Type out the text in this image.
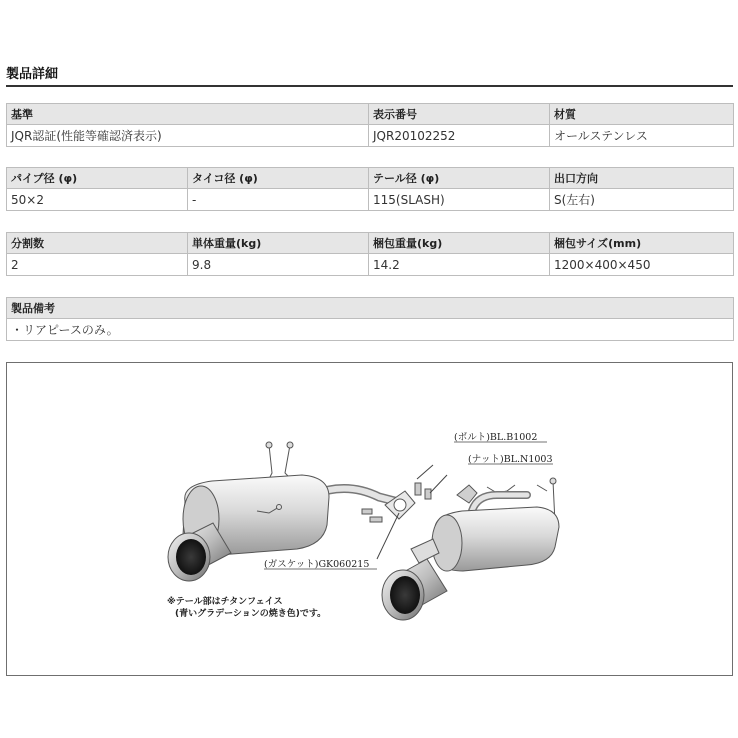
製品詳細
基準	表示番号	材質
JQR認証(性能等確認済表示)	JQR20102252	オールステンレス
パイプ径 (φ)	タイコ径 (φ)	テール径 (φ)	出口方向
50×2	-	115(SLASH)	S(左右)
分割数	単体重量(kg)	梱包重量(kg)	梱包サイズ(mm)
2	9.8	14.2	1200×400×450
製品備考
・リアピースのみ。
(ボルト)BL.B1002
(ナット)BL.N1003
(ガスケット)GK060215
※テール部はチタンフェイス
(青いグラデーションの焼き色)です。
